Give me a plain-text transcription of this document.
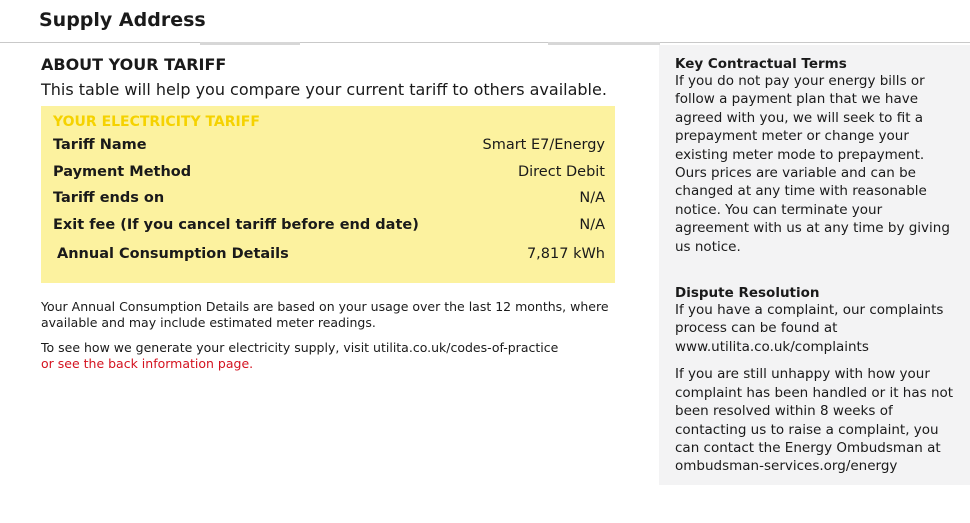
Supply Address
ABOUT YOUR TARIFF
This table will help you compare your current tariff to others available.
YOUR ELECTRICITY TARIFF
Tariff Name	Smart E7/Energy
Payment Method	Direct Debit
Tariff ends on	N/A
Exit fee (If you cancel tariff before end date)	N/A
Annual Consumption Details	7,817 kWh

Your Annual Consumption Details are based on your usage over the last 12 months, where available and may include estimated meter readings.

To see how we generate your electricity supply, visit utilita.co.uk/codes-of-practice
or see the back information page.

Key Contractual Terms

If you do not pay your energy bills or follow a payment plan that we have agreed with you, we will seek to fit a prepayment meter or change your existing meter mode to prepayment. Ours prices are variable and can be changed at any time with reasonable notice. You can terminate your agreement with us at any time by giving us notice.

Dispute Resolution

If you have a complaint, our complaints process can be found at www.utilita.co.uk/complaints

If you are still unhappy with how your complaint has been handled or it has not been resolved within 8 weeks of contacting us to raise a complaint, you can contact the Energy Ombudsman at ombudsman-services.org/energy
